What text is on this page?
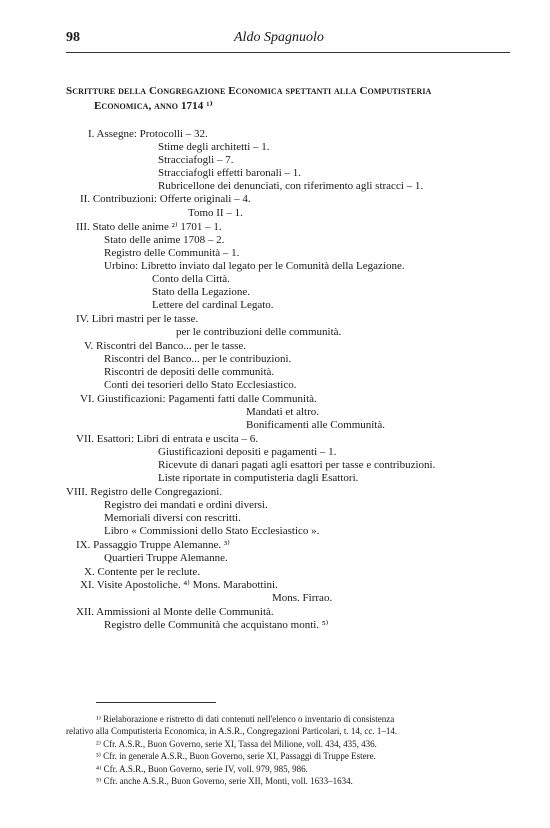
98	Aldo Spagnuolo
Scritture della Congregazione Economica spettanti alla Computisteria
Economica, anno 1714 ¹⁾
I. Assegne: Protocolli – 32.
Stime degli architetti – 1.
Stracciafogli – 7.
Stracciafogli effetti baronali – 1.
Rubricellone dei denunciati, con riferimento agli stracci – 1.
II. Contribuzioni: Offerte originali – 4.
Tomo II – 1.
III. Stato delle anime ²⁾ 1701 – 1.
Stato delle anime 1708 – 2.
Registro delle Communità – 1.
Urbino: Libretto inviato dal legato per le Comunità della Legazione.
Conto della Città.
Stato della Legazione.
Lettere del cardinal Legato.
IV. Libri mastri per le tasse.
per le contribuzioni delle communità.
V. Riscontri del Banco... per le tasse.
Riscontri del Banco... per le contribuzioni.
Riscontri de depositi delle communità.
Conti dei tesorieri dello Stato Ecclesiastico.
VI. Giustificazioni: Pagamenti fatti dalle Communità.
Mandati et altro.
Bonificamenti alle Communità.
VII. Esattori: Libri di entrata e uscita – 6.
Giustificazioni depositi e pagamenti – 1.
Ricevute di danari pagati agli esattori per tasse e contribuzioni.
Liste riportate in computisteria dagli Esattori.
VIII. Registro delle Congregazioni.
Registro dei mandati e ordini diversi.
Memoriali diversi con rescritti.
Libro « Commissioni dello Stato Ecclesiastico ».
IX. Passaggio Truppe Alemanne. ³⁾
Quartieri Truppe Alemanne.
X. Contente per le reclute.
XI. Visite Apostoliche. ⁴⁾ Mons. Marabottini.
Mons. Firrao.
XII. Ammissioni al Monte delle Communità.
Registro delle Communità che acquistano monti. ⁵⁾
¹⁾ Rielaborazione e ristretto di dati contenuti nell'elenco o inventario di consistenza
relativo alla Computisteria Economica, in A.S.R., Congregazioni Particolari, t. 14, cc. 1–14.
²⁾ Cfr. A.S.R., Buon Governo, serie XI, Tassa del Milione, voll. 434, 435, 436.
³⁾ Cfr. in generale A.S.R., Buon Governo, serie XI, Passaggi di Truppe Estere.
⁴⁾ Cfr. A.S.R., Buon Governo, serie IV, voll. 979, 985, 986.
⁵⁾ Cfr. anche A.S.R., Buon Governo, serie XII, Monti, voll. 1633–1634.
